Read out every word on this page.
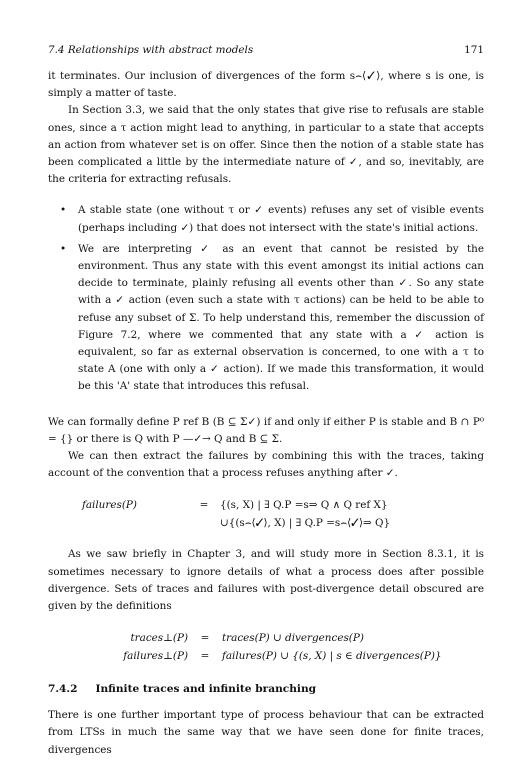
7.4 Relationships with abstract models	171

it terminates. Our inclusion of divergences of the form s⌢⟨✓⟩, where s is one, is simply a matter of taste.

In Section 3.3, we said that the only states that give rise to refusals are stable ones, since a τ action might lead to anything, in particular to a state that accepts an action from whatever set is on offer. Since then the notion of a stable state has been complicated a little by the intermediate nature of ✓, and so, inevitably, are the criteria for extracting refusals.

• A stable state (one without τ or ✓ events) refuses any set of visible events (perhaps including ✓) that does not intersect with the state's initial actions.
• We are interpreting ✓ as an event that cannot be resisted by the environment. Thus any state with this event amongst its initial actions can decide to terminate, plainly refusing all events other than ✓. So any state with a ✓ action (even such a state with τ actions) can be held to be able to refuse any subset of Σ. To help understand this, remember the discussion of Figure 7.2, where we commented that any state with a ✓ action is equivalent, so far as external observation is concerned, to one with a τ to state A (one with only a ✓ action). If we made this transformation, it would be this 'A' state that introduces this refusal.

We can formally define P ref B (B ⊆ Σ✓) if and only if either P is stable and B ∩ P⁰ = {} or there is Q with P —✓→ Q and B ⊆ Σ.

We can then extract the failures by combining this with the traces, taking account of the convention that a process refuses anything after ✓.

failures(P)	=	{(s, X) | ∃ Q.P =s⇒ Q ∧ Q ref X}
∪{(s⌢⟨✓⟩, X) | ∃ Q.P =s⌢⟨✓⟩⇒ Q}

As we saw briefly in Chapter 3, and will study more in Section 8.3.1, it is sometimes necessary to ignore details of what a process does after possible divergence. Sets of traces and failures with post-divergence detail obscured are given by the definitions

traces⊥(P)	=	traces(P) ∪ divergences(P)
failures⊥(P)	=	failures(P) ∪ {(s, X) | s ∈ divergences(P)}
7.4.2 Infinite traces and infinite branching

There is one further important type of process behaviour that can be extracted from LTSs in much the same way that we have seen done for finite traces, divergences
